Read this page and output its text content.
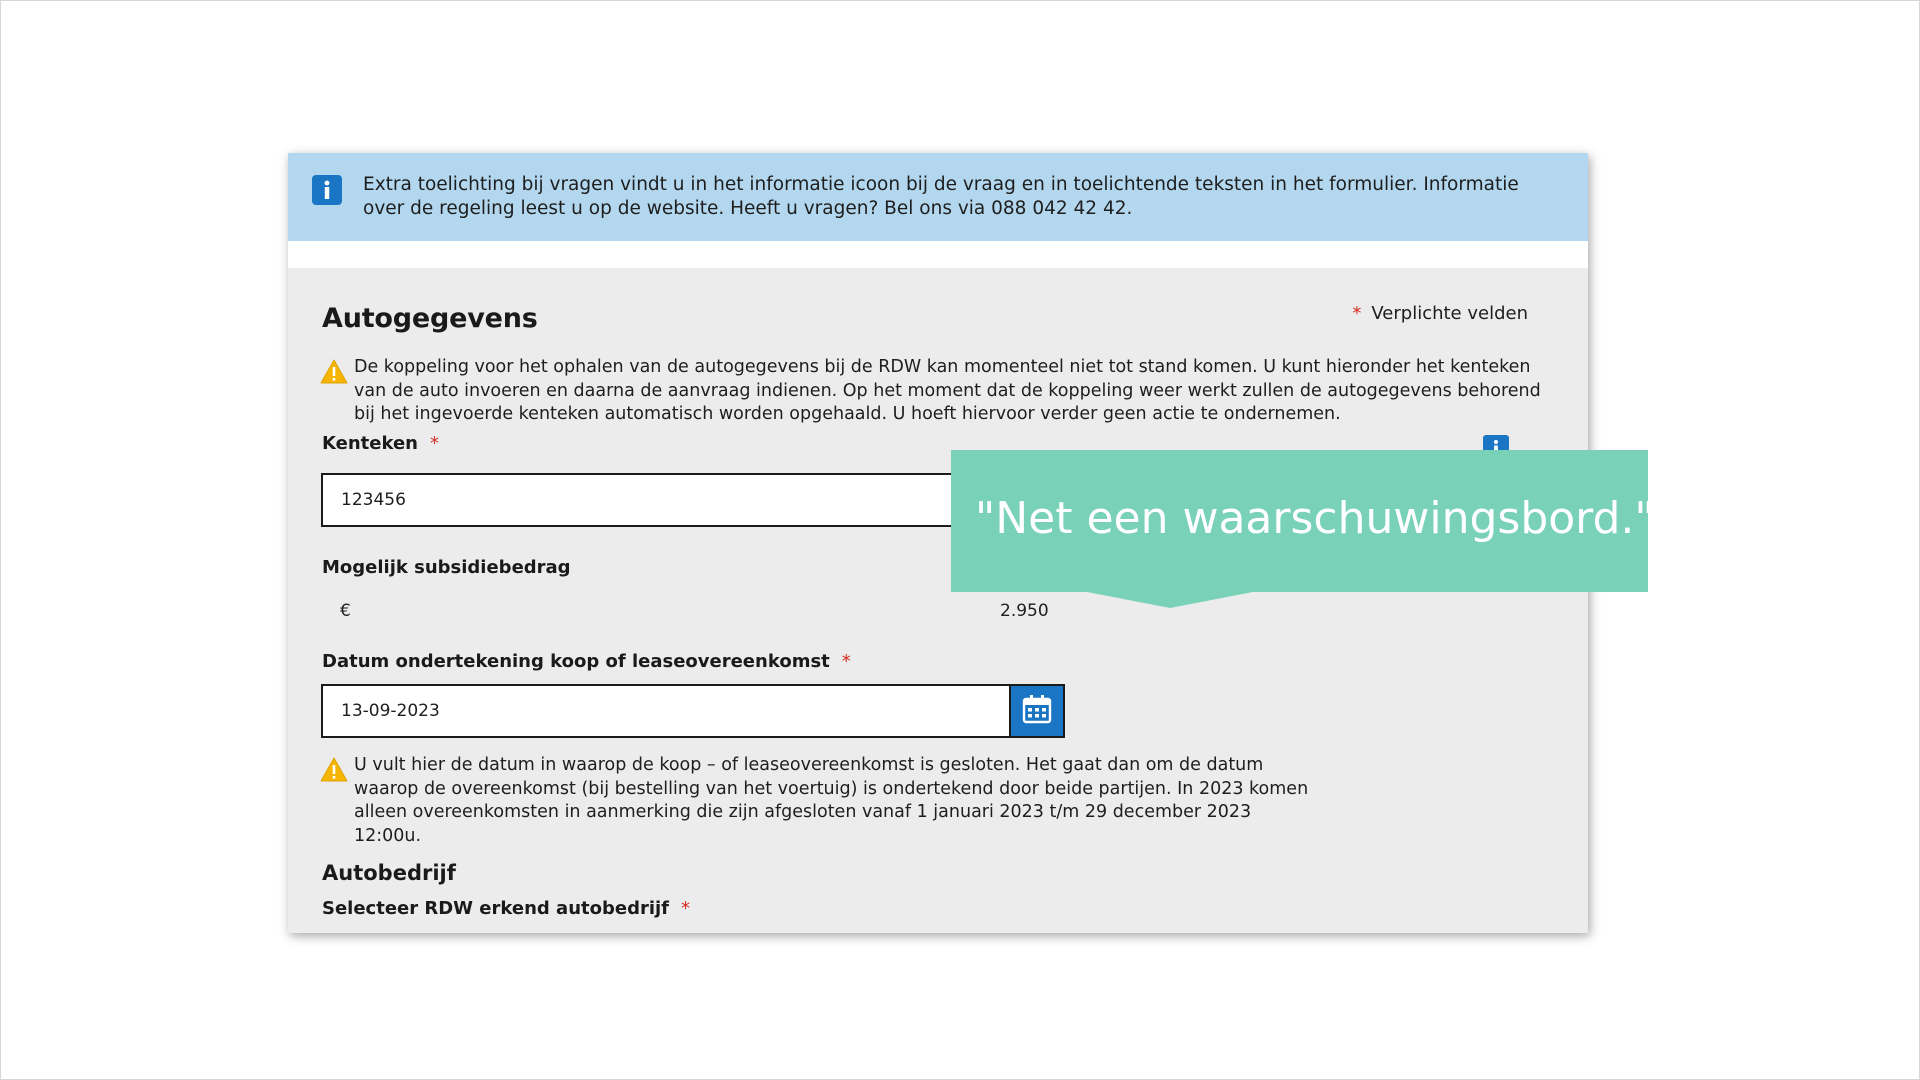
Extra toelichting bij vragen vindt u in het informatie icoon bij de vraag en in toelichtende teksten in het formulier. Informatie over de regeling leest u op de website. Heeft u vragen? Bel ons via 088 042 42 42.
Autogegevens	* Verplichte velden
De koppeling voor het ophalen van de autogegevens bij de RDW kan momenteel niet tot stand komen. U kunt hieronder het kenteken van de auto invoeren en daarna de aanvraag indienen. Op het moment dat de koppeling weer werkt zullen de autogegevens behorend bij het ingevoerde kenteken automatisch worden opgehaald. U hoeft hiervoor verder geen actie te ondernemen.
Kenteken *
123456
Mogelijk subsidiebedrag
€	2.950
Datum ondertekening koop of leaseovereenkomst *
13-09-2023
U vult hier de datum in waarop de koop – of leaseovereenkomst is gesloten. Het gaat dan om de datum waarop de overeenkomst (bij bestelling van het voertuig) is ondertekend door beide partijen. In 2023 komen alleen overeenkomsten in aanmerking die zijn afgesloten vanaf 1 januari 2023 t/m 29 december 2023 12:00u.
Autobedrijf
Selecteer RDW erkend autobedrijf *
"Net een waarschuwingsbord."
